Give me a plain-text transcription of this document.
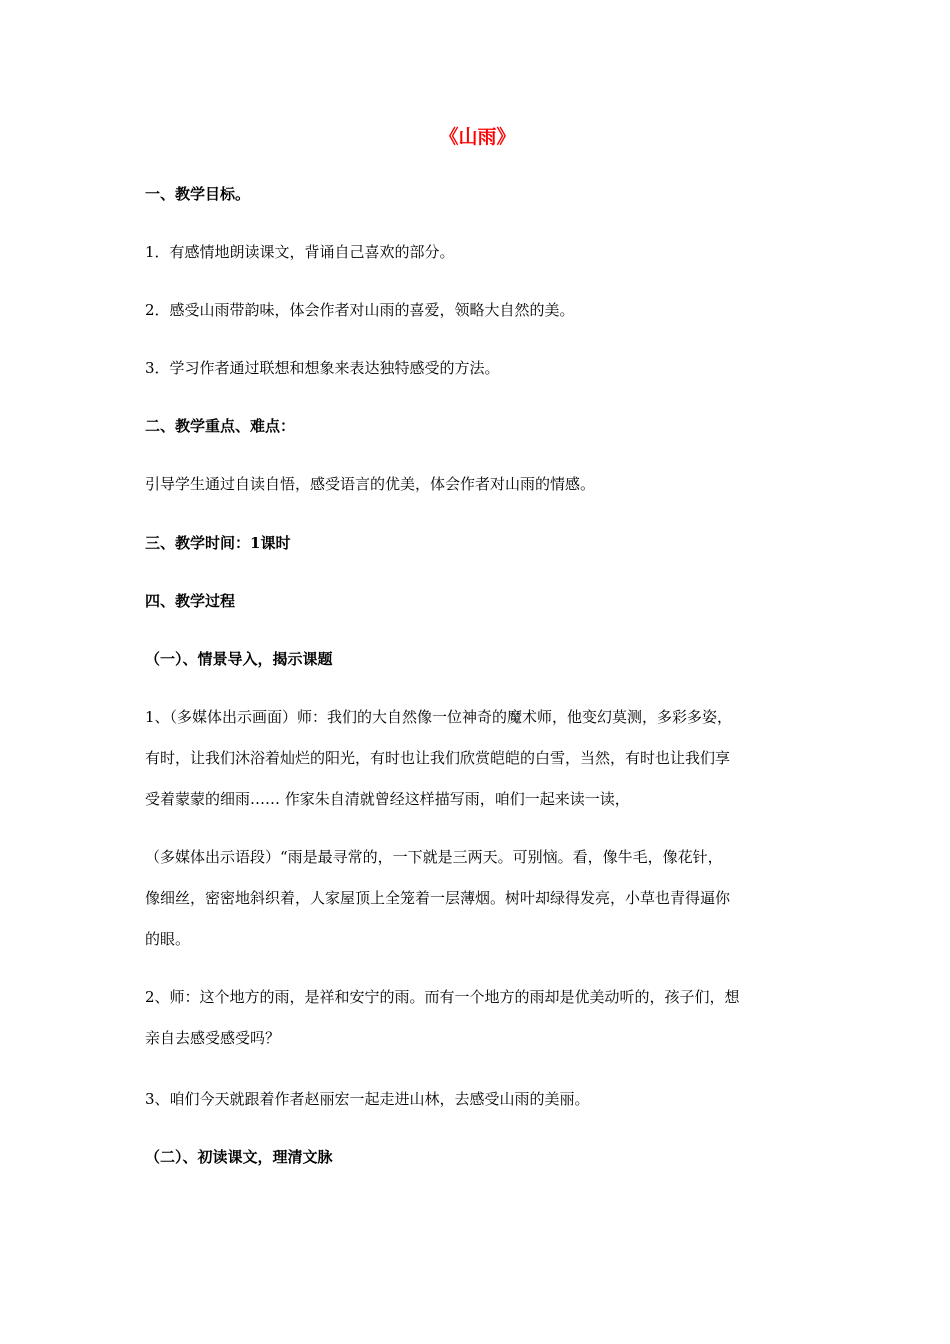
《山雨》
一、教学目标。
1．有感情地朗读课文，背诵自己喜欢的部分。
2．感受山雨带韵味，体会作者对山雨的喜爱，领略大自然的美。
3．学习作者通过联想和想象来表达独特感受的方法。
二、教学重点、难点：
引导学生通过自读自悟，感受语言的优美，体会作者对山雨的情感。
三、教学时间：1课时
四、教学过程
（一）、情景导入，揭示课题
1、（多媒体出示画面）师：我们的大自然像一位神奇的魔术师，他变幻莫测，多彩多姿，
有时，让我们沐浴着灿烂的阳光，有时也让我们欣赏皑皑的白雪，当然，有时也让我们享
受着蒙蒙的细雨…… 作家朱自清就曾经这样描写雨，咱们一起来读一读，
（多媒体出示语段）“雨是最寻常的，一下就是三两天。可别恼。看，像牛毛，像花针，
像细丝，密密地斜织着，人家屋顶上全笼着一层薄烟。树叶却绿得发亮，小草也青得逼你
的眼。
2、师：这个地方的雨，是祥和安宁的雨。而有一个地方的雨却是优美动听的，孩子们，想
亲自去感受感受吗？
3、咱们今天就跟着作者赵丽宏一起走进山林，去感受山雨的美丽。
（二）、初读课文，理清文脉
